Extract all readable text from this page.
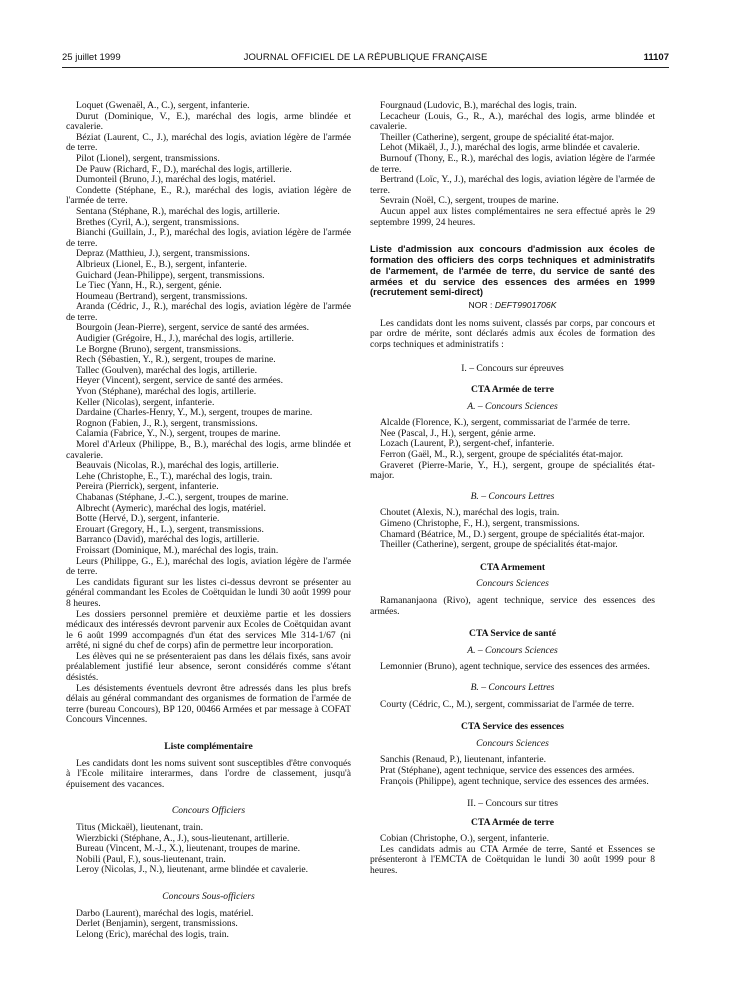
25 juillet 1999	JOURNAL OFFICIEL DE LA RÉPUBLIQUE FRANÇAISE	11107
Loquet (Gwenaël, A., C.), sergent, infanterie.
Durut (Dominique, V., E.), maréchal des logis, arme blindée et cavalerie.
Béziat (Laurent, C., J.), maréchal des logis, aviation légère de l'armée de terre.
Pilot (Lionel), sergent, transmissions.
De Pauw (Richard, F., D.), maréchal des logis, artillerie.
Dumonteil (Bruno, J.), maréchal des logis, matériel.
Condette (Stéphane, E., R.), maréchal des logis, aviation légère de l'armée de terre.
Sentana (Stéphane, R.), maréchal des logis, artillerie.
Brethes (Cyril, A.), sergent, transmissions.
Bianchi (Guillain, J., P.), maréchal des logis, aviation légère de l'armée de terre.
Depraz (Matthieu, J.), sergent, transmissions.
Albrieux (Lionel, E., B.), sergent, infanterie.
Guichard (Jean-Philippe), sergent, transmissions.
Le Tiec (Yann, H., R.), sergent, génie.
Houmeau (Bertrand), sergent, transmissions.
Aranda (Cédric, J., R.), maréchal des logis, aviation légère de l'armée de terre.
Bourgoin (Jean-Pierre), sergent, service de santé des armées.
Audigier (Grégoire, H., J.), maréchal des logis, artillerie.
Le Borgne (Bruno), sergent, transmissions.
Rech (Sébastien, Y., R.), sergent, troupes de marine.
Tallec (Goulven), maréchal des logis, artillerie.
Heyer (Vincent), sergent, service de santé des armées.
Yvon (Stéphane), maréchal des logis, artillerie.
Keller (Nicolas), sergent, infanterie.
Dardaine (Charles-Henry, Y., M.), sergent, troupes de marine.
Rognon (Fabien, J., R.), sergent, transmissions.
Calamia (Fabrice, Y., N.), sergent, troupes de marine.
Morel d'Arleux (Philippe, B., B.), maréchal des logis, arme blindée et cavalerie.
Beauvais (Nicolas, R.), maréchal des logis, artillerie.
Lehe (Christophe, E., T.), maréchal des logis, train.
Pereira (Pierrick), sergent, infanterie.
Chabanas (Stéphane, J.-C.), sergent, troupes de marine.
Albrecht (Aymeric), maréchal des logis, matériel.
Botte (Hervé, D.), sergent, infanterie.
Erouart (Gregory, H., L.), sergent, transmissions.
Barranco (David), maréchal des logis, artillerie.
Froissart (Dominique, M.), maréchal des logis, train.
Leurs (Philippe, G., E.), maréchal des logis, aviation légère de l'armée de terre.
Les candidats figurant sur les listes ci-dessus devront se présenter au général commandant les Ecoles de Coëtquidan le lundi 30 août 1999 pour 8 heures.
Les dossiers personnel première et deuxième partie et les dossiers médicaux des intéressés devront parvenir aux Ecoles de Coëtquidan avant le 6 août 1999 accompagnés d'un état des services Mle 314-1/67 (ni arrêté, ni signé du chef de corps) afin de permettre leur incorporation.
Les élèves qui ne se présenteraient pas dans les délais fixés, sans avoir préalablement justifié leur absence, seront considérés comme s'étant désistés.
Les désistements éventuels devront être adressés dans les plus brefs délais au général commandant des organismes de formation de l'armée de terre (bureau Concours), BP 120, 00466 Armées et par message à COFAT Concours Vincennes.
Liste complémentaire
Les candidats dont les noms suivent sont susceptibles d'être convoqués à l'Ecole militaire interarmes, dans l'ordre de classement, jusqu'à épuisement des vacances.
Concours Officiers
Titus (Mickaël), lieutenant, train.
Wierzbicki (Stéphane, A., J.), sous-lieutenant, artillerie.
Bureau (Vincent, M.-J., X.), lieutenant, troupes de marine.
Nobili (Paul, F.), sous-lieutenant, train.
Leroy (Nicolas, J., N.), lieutenant, arme blindée et cavalerie.
Concours Sous-officiers
Darbo (Laurent), maréchal des logis, matériel.
Derlet (Benjamin), sergent, transmissions.
Lelong (Eric), maréchal des logis, train.
Fourgnaud (Ludovic, B.), maréchal des logis, train.
Lecacheur (Louis, G., R., A.), maréchal des logis, arme blindée et cavalerie.
Theiller (Catherine), sergent, groupe de spécialité état-major.
Lehot (Mikaël, J., J.), maréchal des logis, arme blindée et cavalerie.
Burnouf (Thony, E., R.), maréchal des logis, aviation légère de l'armée de terre.
Bertrand (Loïc, Y., J.), maréchal des logis, aviation légère de l'armée de terre.
Sevrain (Noël, C.), sergent, troupes de marine.
Aucun appel aux listes complémentaires ne sera effectué après le 29 septembre 1999, 24 heures.
Liste d'admission aux concours d'admission aux écoles de formation des officiers des corps techniques et administratifs de l'armement, de l'armée de terre, du service de santé des armées et du service des essences des armées en 1999 (recrutement semi-direct)
NOR : DEFT9901706K
Les candidats dont les noms suivent, classés par corps, par concours et par ordre de mérite, sont déclarés admis aux écoles de formation des corps techniques et administratifs :
I. – Concours sur épreuves
CTA Armée de terre
A. – Concours Sciences
Alcalde (Florence, K.), sergent, commissariat de l'armée de terre.
Nee (Pascal, J., H.), sergent, génie arme.
Lozach (Laurent, P.), sergent-chef, infanterie.
Ferron (Gaël, M., R.), sergent, groupe de spécialités état-major.
Graveret (Pierre-Marie, Y., H.), sergent, groupe de spécialités état-major.
B. – Concours Lettres
Choutet (Alexis, N.), maréchal des logis, train.
Gimeno (Christophe, F., H.), sergent, transmissions.
Chamard (Béatrice, M., D.) sergent, groupe de spécialités état-major.
Theiller (Catherine), sergent, groupe de spécialités état-major.
CTA Armement
Concours Sciences
Ramananjaona (Rivo), agent technique, service des essences des armées.
CTA Service de santé
A. – Concours Sciences
Lemonnier (Bruno), agent technique, service des essences des armées.
B. – Concours Lettres
Courty (Cédric, C., M.), sergent, commissariat de l'armée de terre.
CTA Service des essences
Concours Sciences
Sanchis (Renaud, P.), lieutenant, infanterie.
Prat (Stéphane), agent technique, service des essences des armées.
François (Philippe), agent technique, service des essences des armées.
II. – Concours sur titres
CTA Armée de terre
Cobian (Christophe, O.), sergent, infanterie.
Les candidats admis au CTA Armée de terre, Santé et Essences se présenteront à l'EMCTA de Coëtquidan le lundi 30 août 1999 pour 8 heures.
